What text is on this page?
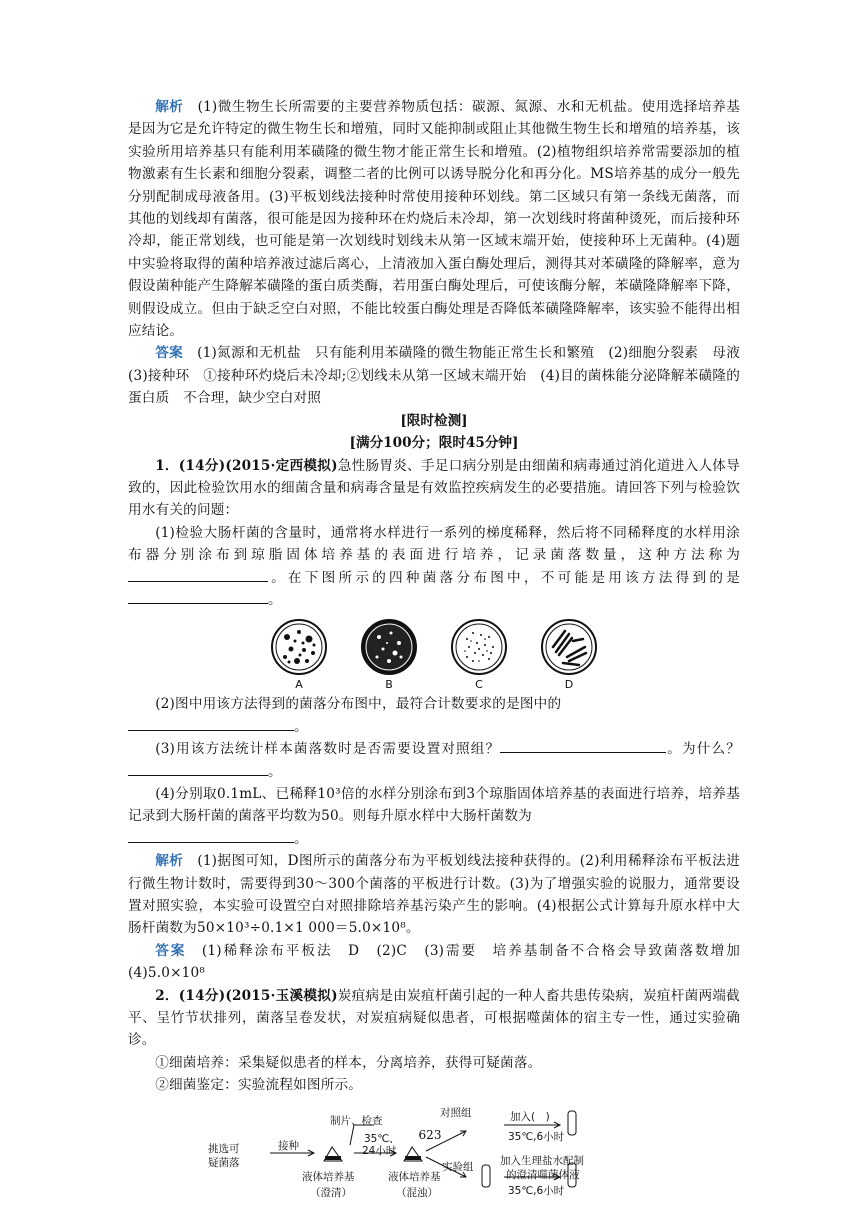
解析　 (1)微生物生长所需要的主要营养物质包括：碳源、氮源、水和无机盐。使用选择培养基是因为它是允许特定的微生物生长和增殖，同时又能抑制或阻止其他微生物生长和增殖的培养基，该实验所用培养基只有能利用苯磺隆的微生物才能正常生长和增殖。(2)植物组织培养常需要添加的植物激素有生长素和细胞分裂素，调整二者的比例可以诱导脱分化和再分化。MS培养基的成分一般先分别配制成母液备用。(3)平板划线法接种时常使用接种环划线。第二区域只有第一条线无菌落，而其他的划线却有菌落，很可能是因为接种环在灼烧后未冷却，第一次划线时将菌种烫死，而后接种环冷却，能正常划线，也可能是第一次划线时划线未从第一区域末端开始，使接种环上无菌种。(4)题中实验将取得的菌种培养液过滤后离心，上清液加入蛋白酶处理后，测得其对苯磺隆的降解率，意为假设菌种能产生降解苯磺隆的蛋白质类酶，若用蛋白酶处理后，可使该酶分解，苯磺隆降解率下降，则假设成立。但由于缺乏空白对照，不能比较蛋白酶处理是否降低苯磺隆降解率，该实验不能得出相应结论。

答案　 (1)氮源和无机盐　只有能利用苯磺隆的微生物能正常生长和繁殖　(2)细胞分裂素　母液　(3)接种环　①接种环灼烧后未冷却;②划线未从第一区域末端开始　(4)目的菌株能分泌降解苯磺隆的蛋白质　不合理，缺少空白对照

[限时检测]
[满分100分；限时45分钟]

1．(14分)(2015·定西模拟)急性肠胃炎、手足口病分别是由细菌和病毒通过消化道进入人体导致的，因此检验饮用水的细菌含量和病毒含量是有效监控疾病发生的必要措施。请回答下列与检验饮用水有关的问题：

(1)检验大肠杆菌的含量时，通常将水样进行一系列的梯度稀释，然后将不同稀释度的水样用涂布器分别涂布到琼脂固体培养基的表面进行培养，记录菌落数量，这种方法称为。在下图所示的四种菌落分布图中，不可能是用该方法得到的是。

A	B	C	D

(2)图中用该方法得到的菌落分布图中，最符合计数要求的是图中的
。

(3)用该方法统计样本菌落数时是否需要设置对照组？	。为什么？。

(4)分别取0.1mL、已稀释10³倍的水样分别涂布到3个琼脂固体培养基的表面进行培养，培养基记录到大肠杆菌的菌落平均数为50。则每升原水样中大肠杆菌数为
。

解析　 (1)据图可知，D图所示的菌落分布为平板划线法接种获得的。(2)利用稀释涂布平板法进行微生物计数时，需要得到30～300个菌落的平板进行计数。(3)为了增强实验的说服力，通常要设置对照实验，本实验可设置空白对照排除培养基污染产生的影响。(4)根据公式计算每升原水样中大肠杆菌数为50×10³÷0.1×1 000＝5.0×10⁸。

答案　 (1)稀释涂布平板法　D　(2)C　(3)需要　培养基制备不合格会导致菌落数增加　(4)5.0×10⁸

2．(14分)(2015·玉溪模拟)炭疽病是由炭疽杆菌引起的一种人畜共患传染病，炭疽杆菌两端截平、呈竹节状排列，菌落呈卷发状，对炭疽病疑似患者，可根据噬菌体的宿主专一性，通过实验确诊。

①细菌培养：采集疑似患者的样本，分离培养，获得可疑菌落。

②细菌鉴定：实验流程如图所示。

挑选可
疑菌落
接种
制片、检查
35℃、
24小时
液体培养基
（澄清）
液体培养基
（混浊）
对照组
实验组
加入(　)
35℃,6小时
加入生理盐水配制
的澄清噬菌体液
35℃,6小时
623
